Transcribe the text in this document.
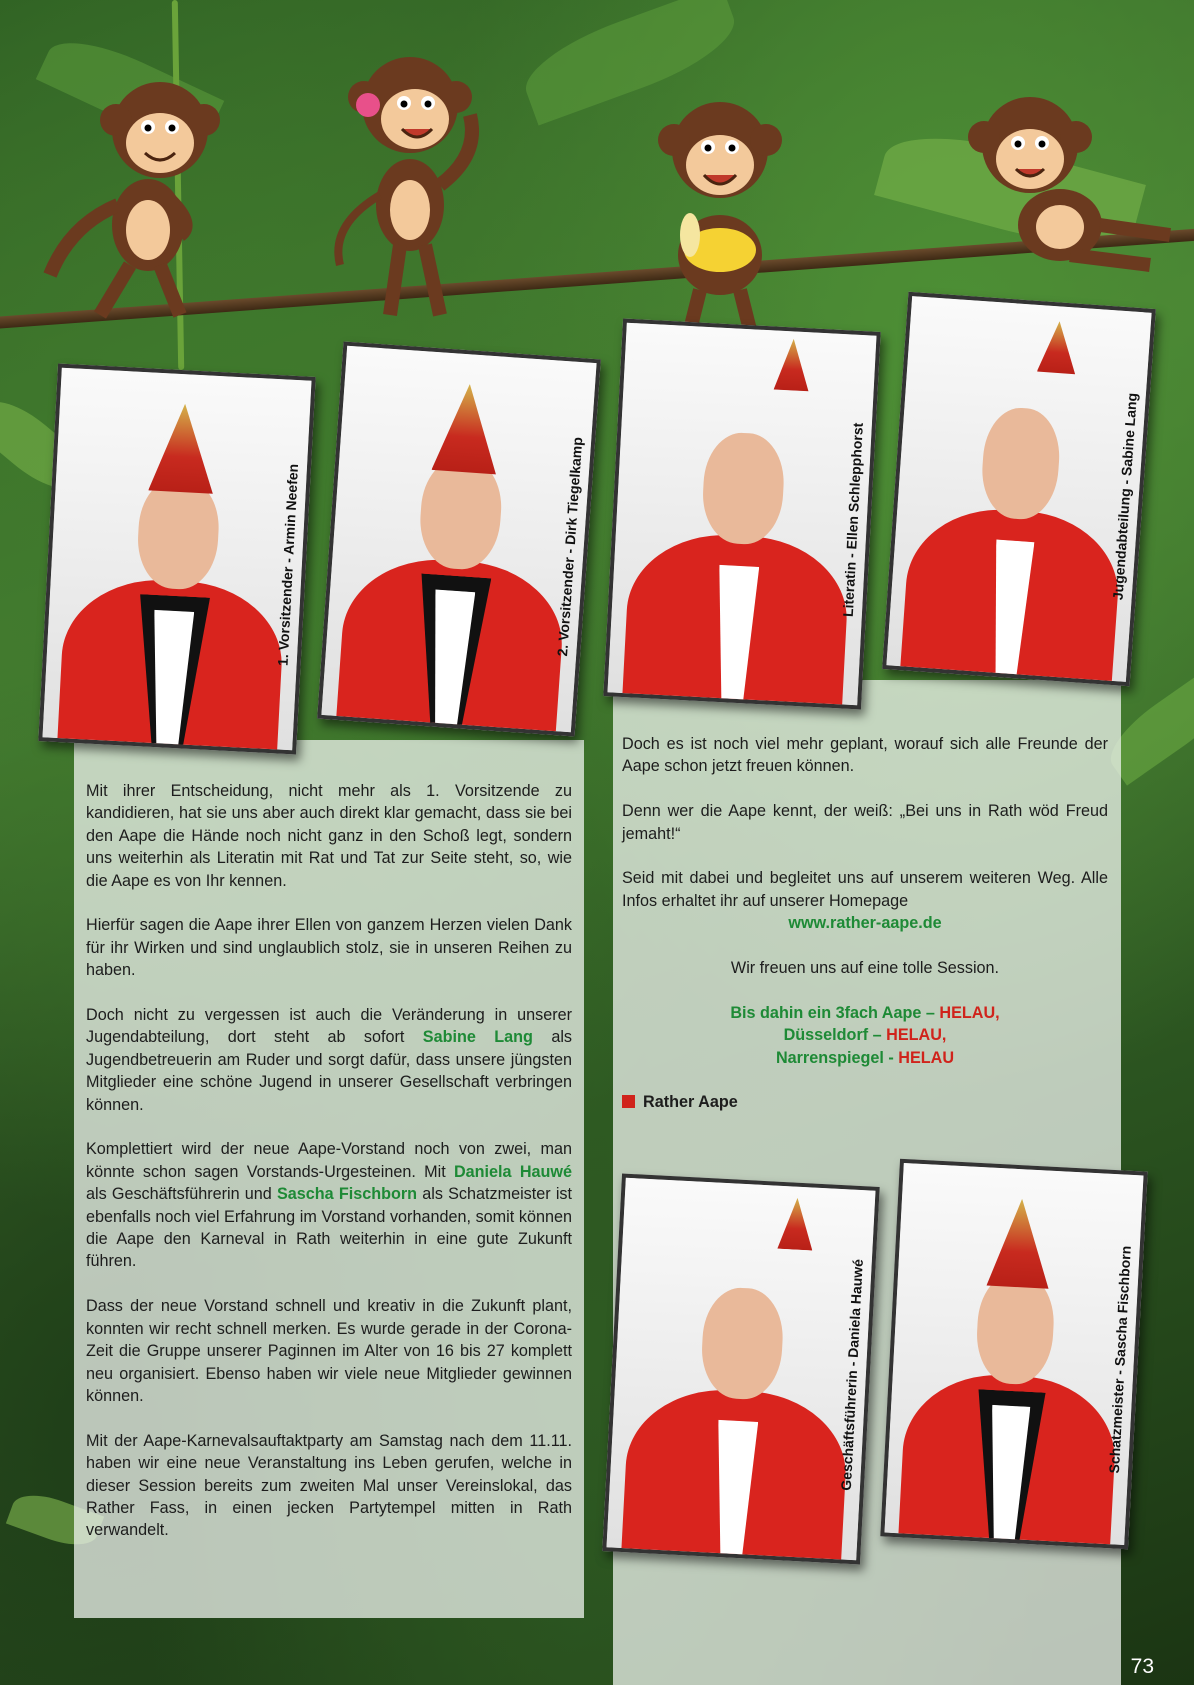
1. Vorsitzender - Armin Neefen	2. Vorsitzender - Dirk Tiegelkamp	Literatin - Ellen Schlepphorst	Jugendabteilung - Sabine Lang
Geschäftsführerin - Daniela Hauwé	Schatzmeister - Sascha Fischborn

Mit ihrer Entscheidung, nicht mehr als 1. Vorsitzende zu kandidieren, hat sie uns aber auch direkt klar gemacht, dass sie bei den Aape die Hände noch nicht ganz in den Schoß legt, sondern uns weiterhin als Literatin mit Rat und Tat zur Seite steht, so, wie die Aape es von Ihr kennen.

Hierfür sagen die Aape ihrer Ellen von ganzem Herzen vielen Dank für ihr Wirken und sind unglaublich stolz, sie in unseren Reihen zu haben.

Doch nicht zu vergessen ist auch die Veränderung in unserer Jugendabteilung, dort steht ab sofort Sabine Lang als Jugendbetreuerin am Ruder und sorgt dafür, dass unsere jüngsten Mitglieder eine schöne Jugend in unserer Gesellschaft verbringen können.

Komplettiert wird der neue Aape-Vorstand noch von zwei, man könnte schon sagen Vorstands-Urgesteinen. Mit Daniela Hauwé als Geschäftsführerin und Sascha Fischborn als Schatzmeister ist ebenfalls noch viel Erfahrung im Vorstand vorhanden, somit können die Aape den Karneval in Rath weiterhin in eine gute Zukunft führen.

Dass der neue Vorstand schnell und kreativ in die Zukunft plant, konnten wir recht schnell merken. Es wurde gerade in der Corona-Zeit die Gruppe unserer Paginnen im Alter von 16 bis 27 komplett neu organisiert. Ebenso haben wir viele neue Mitglieder gewinnen können.

Mit der Aape-Karnevalsauftaktparty am Samstag nach dem 11.11. haben wir eine neue Veranstaltung ins Leben gerufen, welche in dieser Session bereits zum zweiten Mal unser Vereinslokal, das Rather Fass, in einen jecken Partytempel mitten in Rath verwandelt.

Doch es ist noch viel mehr geplant, worauf sich alle Freunde der Aape schon jetzt freuen können.

Denn wer die Aape kennt, der weiß: „Bei uns in Rath wöd Freud jemaht!“

Seid mit dabei und begleitet uns auf unserem weiteren Weg. Alle Infos erhaltet ihr auf unserer Homepage

www.rather-aape.de

Wir freuen uns auf eine tolle Session.

Bis dahin ein 3fach Aape – HELAU,
Düsseldorf – HELAU,
Narrenspiegel - HELAU

Rather Aape

73
